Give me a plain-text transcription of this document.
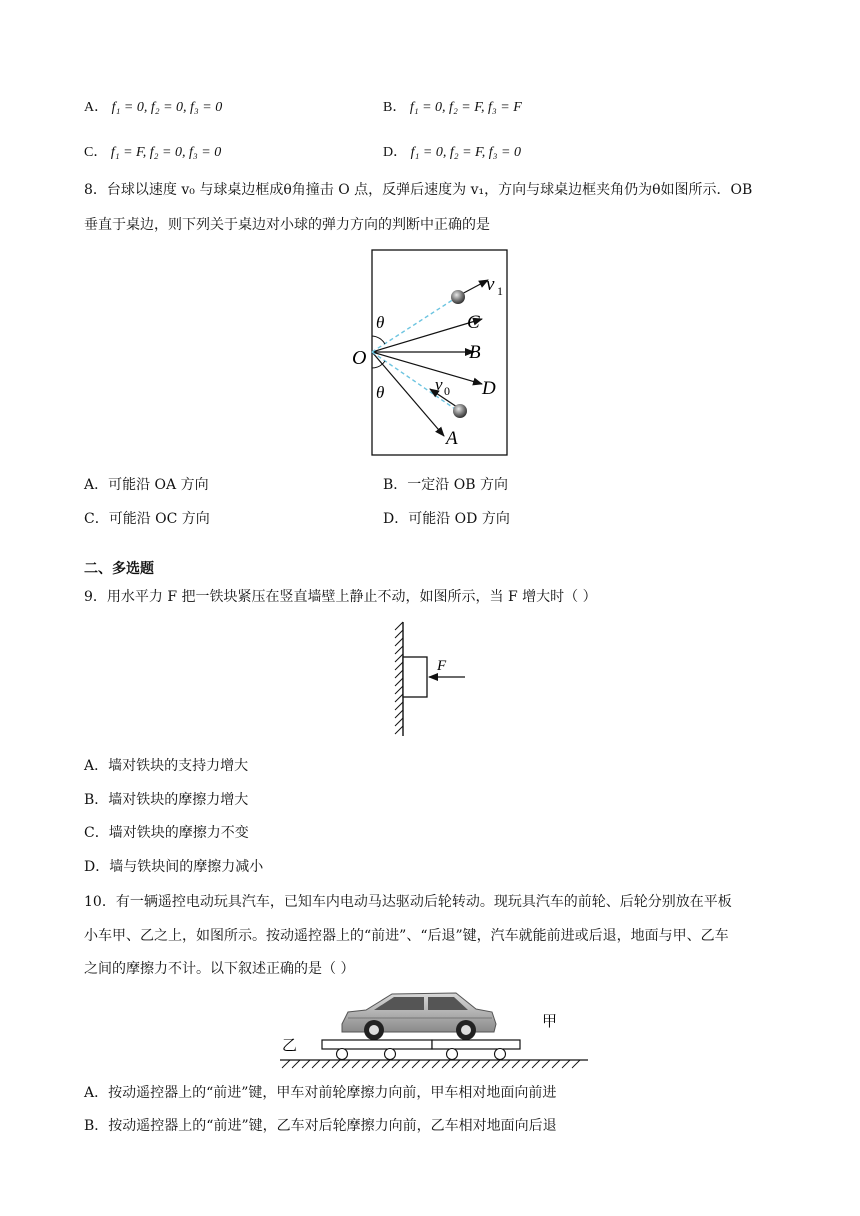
A． f₁ = 0, f₂ = 0, f₃ = 0	B． f₁ = 0, f₂ = F, f₃ = F
C． f₁ = F, f₂ = 0, f₃ = 0	D． f₁ = 0, f₂ = F, f₃ = 0
8．台球以速度 v₀ 与球桌边框成θ角撞击 O 点，反弹后速度为 v₁，方向与球桌边框夹角仍为θ如图所示．OB
垂直于桌边，则下列关于桌边对小球的弹力方向的判断中正确的是
O
θ
θ
C
B
D
A
v 1
v 0
A．可能沿 OA 方向	B．一定沿 OB 方向
C．可能沿 OC 方向	D．可能沿 OD 方向
二、多选题
9．用水平力 F 把一铁块紧压在竖直墙壁上静止不动，如图所示，当 F 增大时（ ）
F
A．墙对铁块的支持力增大
B．墙对铁块的摩擦力增大
C．墙对铁块的摩擦力不变
D．墙与铁块间的摩擦力减小
10．有一辆遥控电动玩具汽车，已知车内电动马达驱动后轮转动。现玩具汽车的前轮、后轮分别放在平板
小车甲、乙之上，如图所示。按动遥控器上的“前进”、“后退”键，汽车就能前进或后退，地面与甲、乙车
之间的摩擦力不计。以下叙述正确的是（ ）
乙
甲
A．按动遥控器上的“前进”键，甲车对前轮摩擦力向前，甲车相对地面向前进
B．按动遥控器上的“前进”键，乙车对后轮摩擦力向前，乙车相对地面向后退
